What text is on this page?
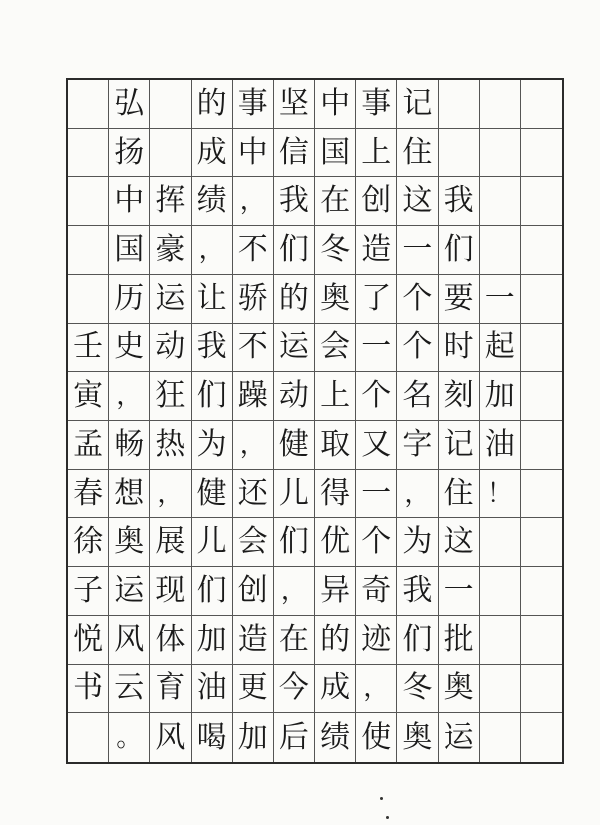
弘 的 事 坚 中 事 记
扬 成 中 信 国 上 住
中 挥 绩 ， 我 在 创 这 我
国 豪 ， 不 们 冬 造 一 们
历 运 让 骄 的 奥 了 个 要 一
壬 史 动 我 不 运 会 一 个 时 起
寅 ， 狂 们 躁 动 上 个 名 刻 加
孟 畅 热 为 ， 健 取 又 字 记 油
春 想 ， 健 还 儿 得 一 ， 住 ！
徐 奥 展 儿 会 们 优 个 为 这
子 运 现 们 创 ， 异 奇 我 一
悦 风 体 加 造 在 的 迹 们 批
书 云 育 油 更 今 成 ， 冬 奥
。 风 喝 加 后 绩 使 奥 运
